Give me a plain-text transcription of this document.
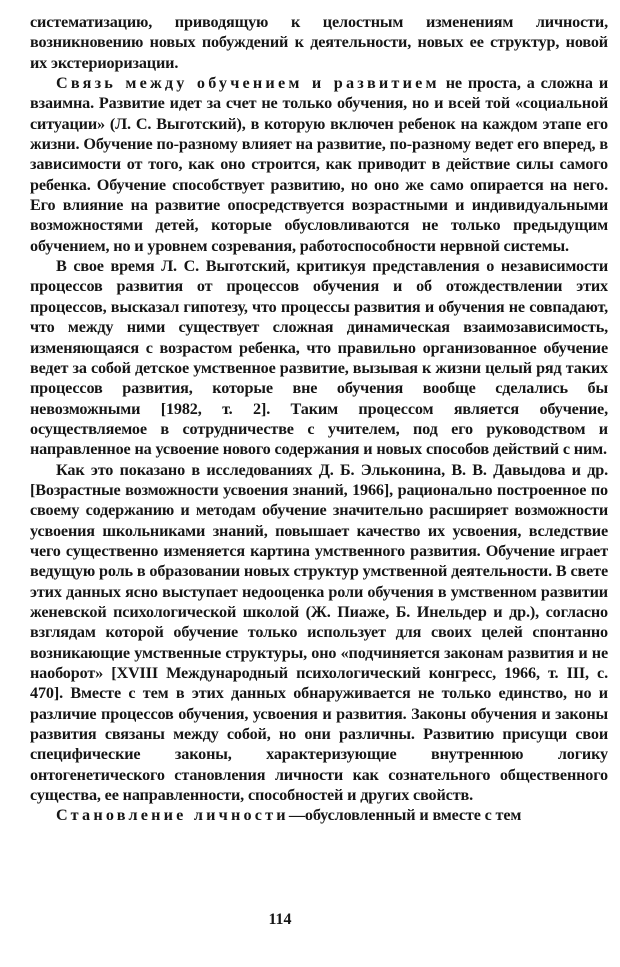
систематизацию, приводящую к целостным изменениям личности, возникновению новых побуждений к деятельности, новых ее структур, новой их экстериоризации.

Связь между обучением и развитием не проста, а сложна и взаимна. Развитие идет за счет не только обучения, но и всей той «социальной ситуации» (Л. С. Выготский), в которую включен ребенок на каждом этапе его жизни. Обучение по-разному влияет на развитие, по-разному ведет его вперед, в зависимости от того, как оно строится, как приводит в действие силы самого ребенка. Обучение способствует развитию, но оно же само опирается на него. Его влияние на развитие опосредствуется возрастными и индивидуальными возможностями детей, которые обусловливаются не только предыдущим обучением, но и уровнем созревания, работоспособности нервной системы.

В свое время Л. С. Выготский, критикуя представления о независимости процессов развития от процессов обучения и об отождествлении этих процессов, высказал гипотезу, что процессы развития и обучения не совпадают, что между ними существует сложная динамическая взаимозависимость, изменяющаяся с возрастом ребенка, что правильно организованное обучение ведет за собой детское умственное развитие, вызывая к жизни целый ряд таких процессов развития, которые вне обучения вообще сделались бы невозможными [1982, т. 2]. Таким процессом является обучение, осуществляемое в сотрудничестве с учителем, под его руководством и направленное на усвоение нового содержания и новых способов действий с ним.

Как это показано в исследованиях Д. Б. Эльконина, В. В. Давыдова и др. [Возрастные возможности усвоения знаний, 1966], рационально построенное по своему содержанию и методам обучение значительно расширяет возможности усвоения школьниками знаний, повышает качество их усвоения, вследствие чего существенно изменяется картина умственного развития. Обучение играет ведущую роль в образовании новых структур умственной деятельности. В свете этих данных ясно выступает недооценка роли обучения в умственном развитии женевской психологической школой (Ж. Пиаже, Б. Инельдер и др.), согласно взглядам которой обучение только использует для своих целей спонтанно возникающие умственные структуры, оно «подчиняется законам развития и не наоборот» [XVIII Международный психологический конгресс, 1966, т. III, с. 470]. Вместе с тем в этих данных обнаруживается не только единство, но и различие процессов обучения, усвоения и развития. Законы обучения и законы развития связаны между собой, но они различны. Развитию присущи свои специфические законы, характеризующие внутреннюю логику онтогенетического становления личности как сознательного общественного существа, ее направленности, способностей и других свойств.

Становление личности—обусловленный и вместе с тем

114
